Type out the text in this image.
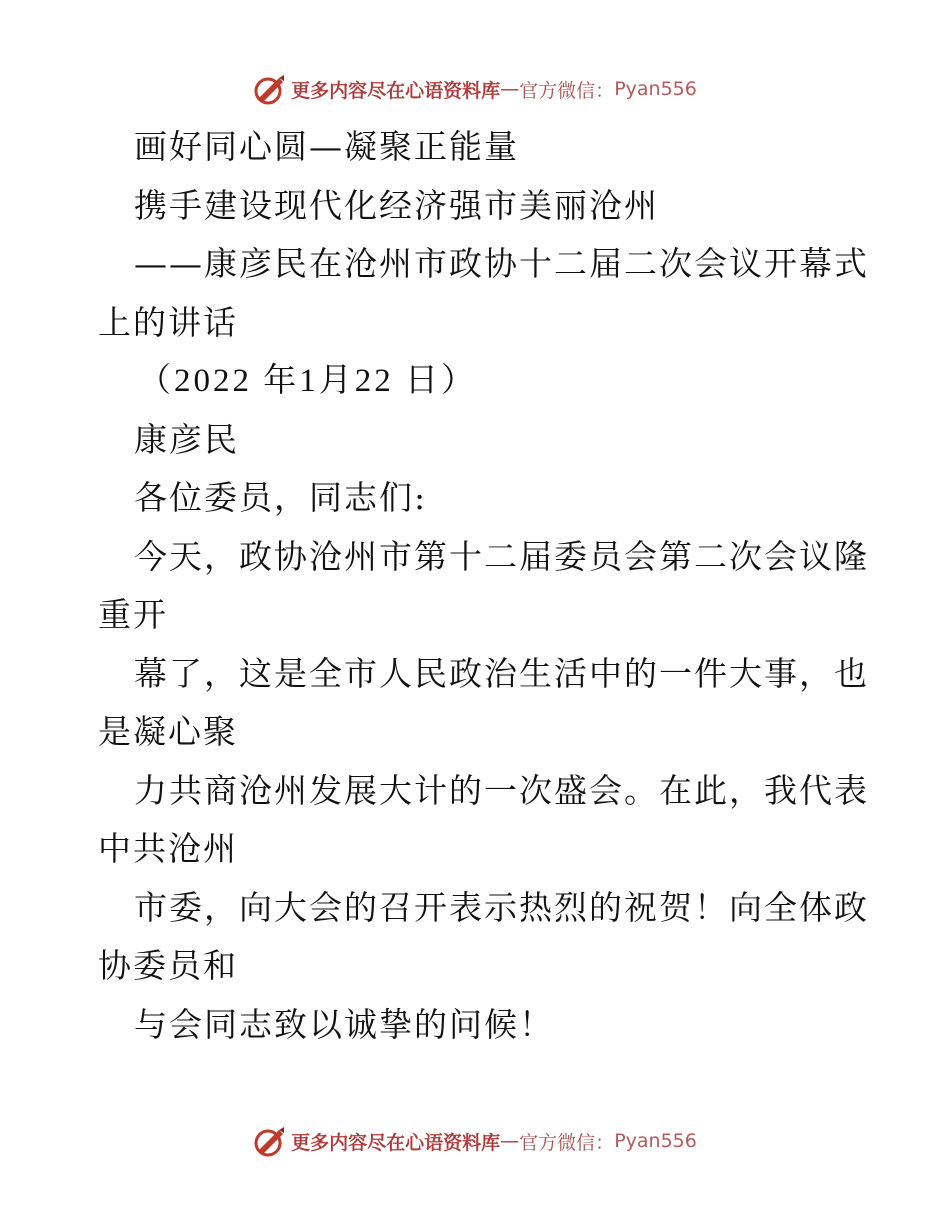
更多内容尽在心语资料库 — 官方微信： Pyan556
画好同心圆—凝聚正能量
携手建设现代化经济强市美丽沧州
——康彦民在沧州市政协十二届二次会议开幕式
上的讲话
（2022 年1月22 日）
康彦民
各位委员，同志们:
今天，政协沧州市第十二届委员会第二次会议隆
重开
幕了，这是全市人民政治生活中的一件大事，也
是凝心聚
力共商沧州发展大计的一次盛会。在此，我代表
中共沧州
市委，向大会的召开表示热烈的祝贺！向全体政
协委员和
与会同志致以诚挚的问候！
更多内容尽在心语资料库 — 官方微信： Pyan556
